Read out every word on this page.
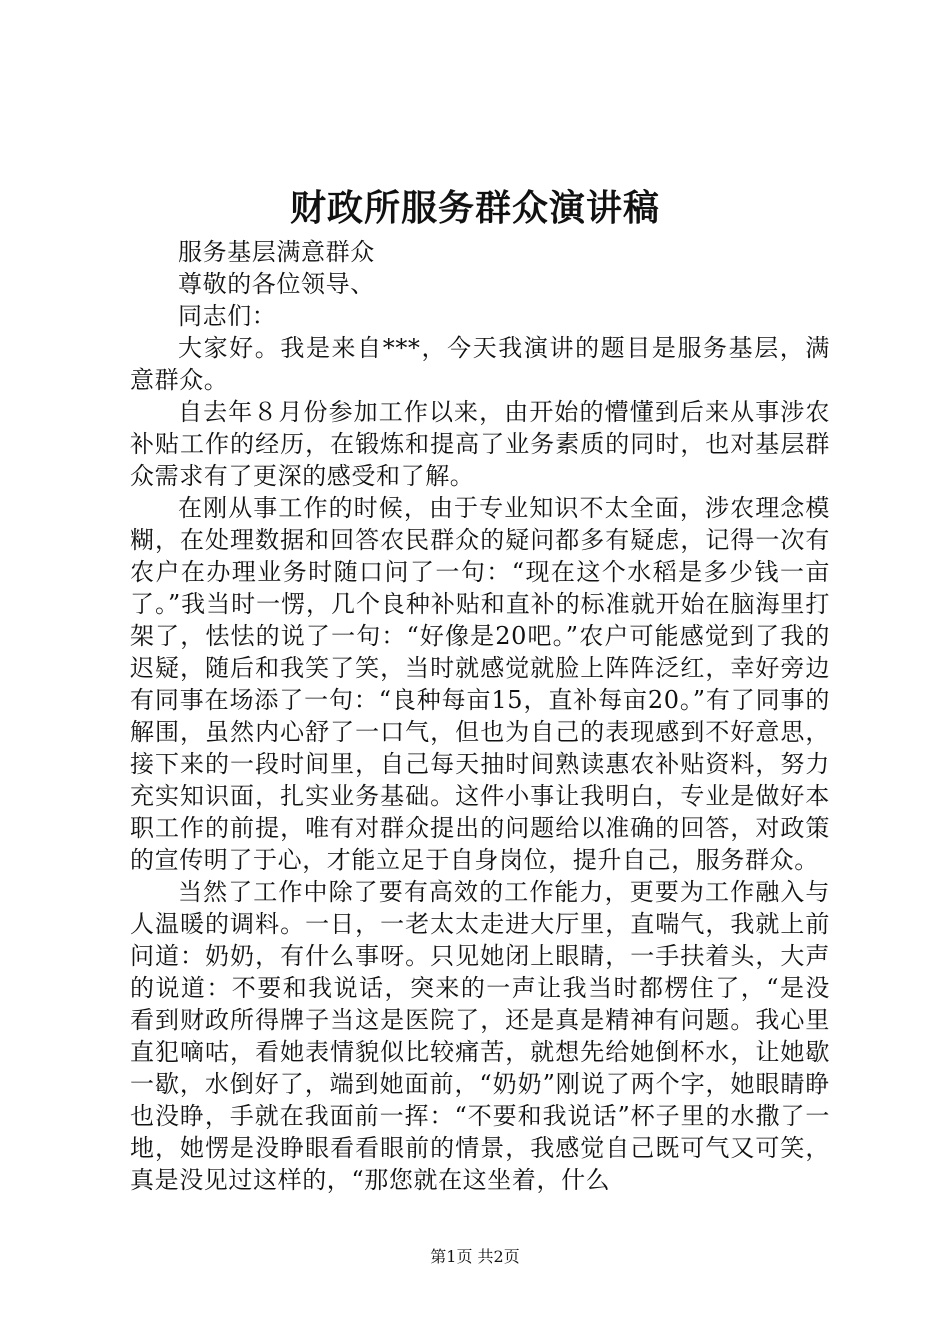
财政所服务群众演讲稿

服务基层满意群众

尊敬的各位领导、

同志们：

大家好。我是来自***，今天我演讲的题目是服务基层，满意群众。

自去年８月份参加工作以来，由开始的懵懂到后来从事涉农补贴工作的经历，在锻炼和提高了业务素质的同时，也对基层群众需求有了更深的感受和了解。

在刚从事工作的时候，由于专业知识不太全面，涉农理念模糊，在处理数据和回答农民群众的疑问都多有疑虑，记得一次有农户在办理业务时随口问了一句：“现在这个水稻是多少钱一亩了。”我当时一愣，几个良种补贴和直补的标准就开始在脑海里打架了，怯怯的说了一句：“好像是20吧。”农户可能感觉到了我的迟疑，随后和我笑了笑，当时就感觉就脸上阵阵泛红，幸好旁边有同事在场添了一句：“良种每亩15，直补每亩20。”有了同事的解围，虽然内心舒了一口气，但也为自己的表现感到不好意思，接下来的一段时间里，自己每天抽时间熟读惠农补贴资料，努力充实知识面，扎实业务基础。这件小事让我明白，专业是做好本职工作的前提，唯有对群众提出的问题给以准确的回答，对政策的宣传明了于心，才能立足于自身岗位，提升自己，服务群众。

当然了工作中除了要有高效的工作能力，更要为工作融入与人温暖的调料。一日，一老太太走进大厅里，直喘气，我就上前问道：奶奶，有什么事呀。只见她闭上眼睛，一手扶着头，大声的说道：不要和我说话，突来的一声让我当时都楞住了，“是没看到财政所得牌子当这是医院了，还是真是精神有问题。我心里直犯嘀咕，看她表情貌似比较痛苦，就想先给她倒杯水，让她歇一歇，水倒好了，端到她面前，“奶奶”刚说了两个字，她眼睛睁也没睁，手就在我面前一挥：“不要和我说话”杯子里的水撒了一地，她愣是没睁眼看看眼前的情景，我感觉自己既可气又可笑，真是没见过这样的，“那您就在这坐着，什么

第1页 共2页
